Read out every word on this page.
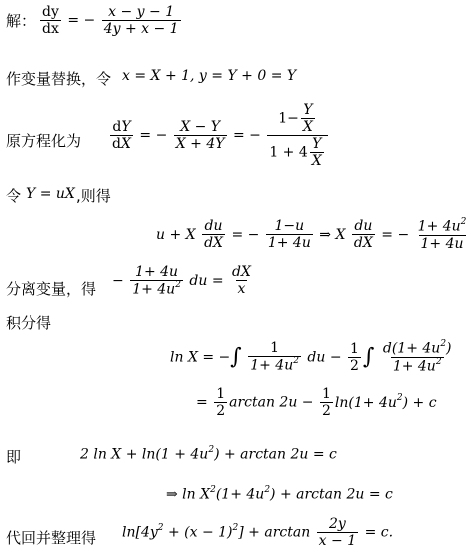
解： $\frac{dy}{dx}$ = − $\frac{x - y - 1}{4y + x - 1}$
作变量替换，令 x = X + 1, y = Y + 0 = Y
原方程化为 $\frac{dY}{dX}$ = − $\frac{X - Y}{X + 4Y}$ = − $\frac{1- \frac{Y}{X}}{1 + 4 \frac{Y}{X}}$
令 Y = uX ,则得
u + X $\frac{du}{dX}$ = − $\frac{1-u}{1+ 4u}$ ⇒ X $\frac{du}{dX}$ = − $\frac{1+ 4u^2}{1+ 4u}$
分离变量，得 − $\frac{1+ 4u}{1+ 4u^2}$ du = $\frac{dX}{x}$
积分得
ln X = −∫ $\frac{1}{1+ 4u^2}$ du − $\frac{1}{2}$ ∫ $\frac{d(1+ 4u^2)}{1+ 4u^2}$
= $\frac{1}{2}$ $\arctan 2u - \frac{1}{2} \ln(1+ 4u^2) + c$
即	2 $\ln X + \ln(1 + 4u^2) + \arctan 2u = c$
⇒ $\ln X^2(1+ 4u^2) + \arctan 2u = c$
代回并整理得 $\ln[4y^2 + (x - 1)^2] + \arctan \frac{2y}{x - 1} = c$.
